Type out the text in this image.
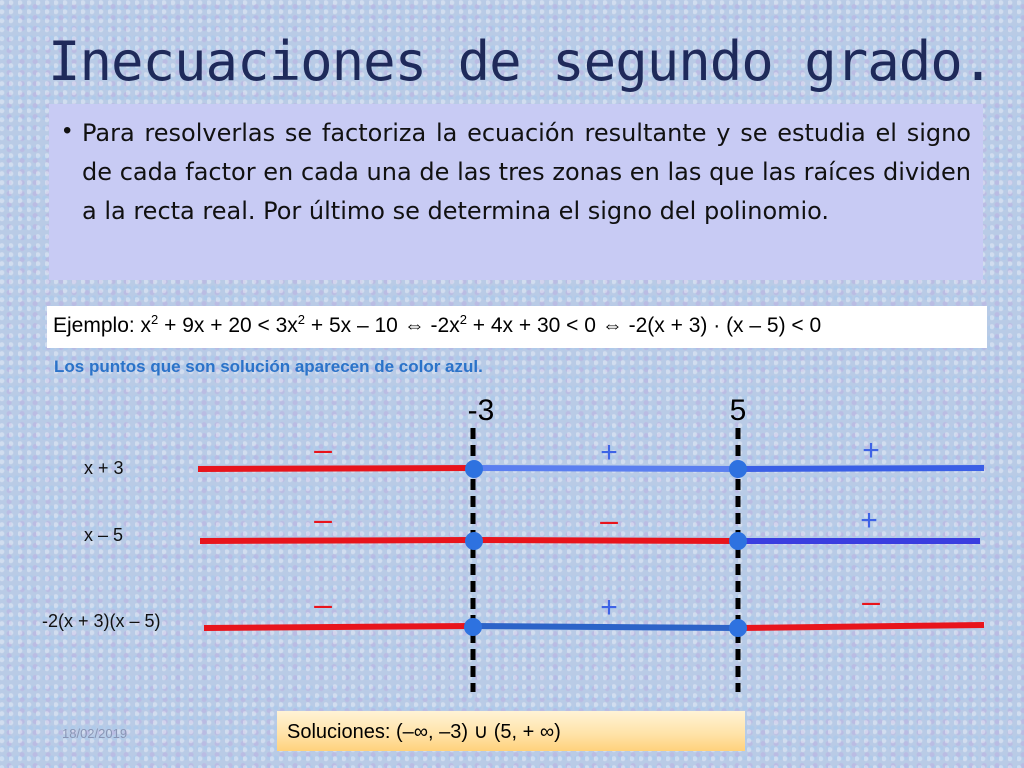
Inecuaciones de segundo grado.
• Para resolverlas se factoriza la ecuación resultante y se estudia el signo de cada factor en cada una de las tres zonas en las que las raíces dividen a la recta real. Por último se determina el signo del polinomio.
Ejemplo: $x^2 + 9x + 20 < 3x^2 + 5x - 10$ ⇔ $-2x^2 + 4x + 30 < 0$ ⇔ -2(x + 3) · (x – 5) < 0
Los puntos que son solución aparecen de color azul.
x + 3
x – 5
-2(x + 3)(x – 5)
-3	5
–	+	+
–	–	+
–	+	–
18/02/2019	Soluciones: (–∞, –3) ∪ (5, + ∞)
